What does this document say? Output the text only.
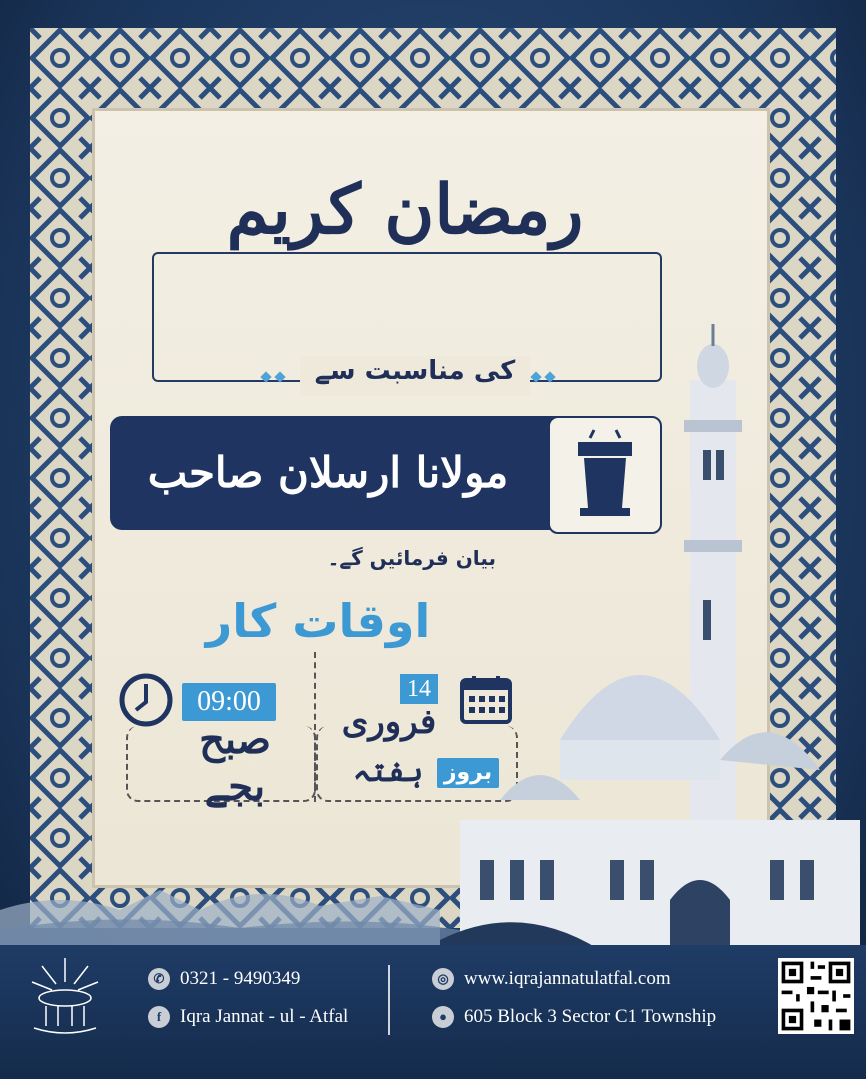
رمضان کریم
کی مناسبت سے
مولانا ارسلان صاحب
بیان فرمائیں گے۔
اوقات کار
09:00
صبح بجے
14
فروری
ہفتہ بروز
✆ 0321 - 9490349
f Iqra Jannat - ul - Atfal
◎ www.iqrajannatulatfal.com
● 605 Block 3 Sector C1 Township
